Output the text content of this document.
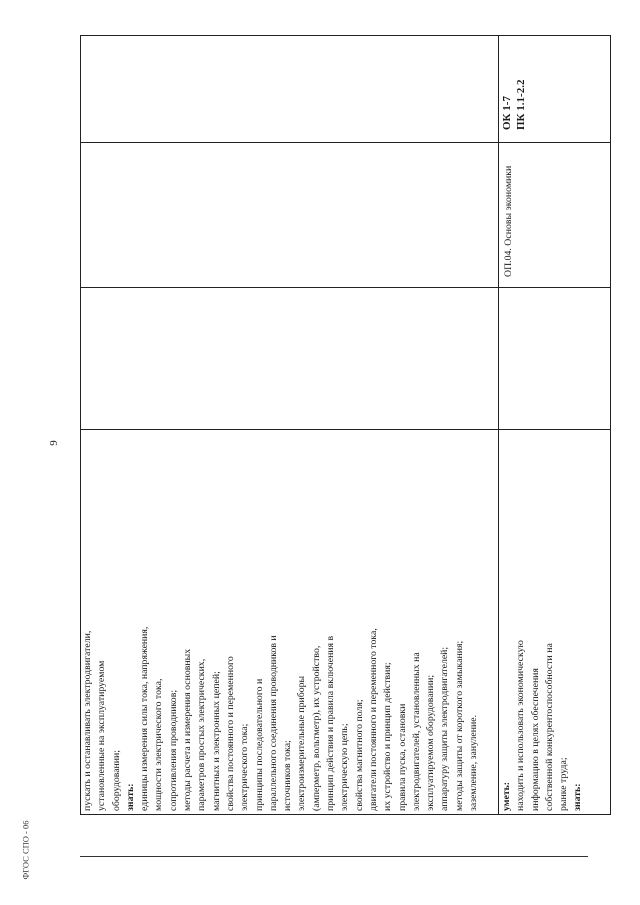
пускать и останавливать электродвигатели, установленные на эксплуатируемом оборудовании; знать: единицы измерения силы тока, напряжения, мощности электрического тока, сопротивления проводников; методы расчета и измерения основных параметров простых электрических, магнитных и электронных цепей; свойства постоянного и переменного электрического тока; принципы последовательного и параллельного соединения проводников и источников тока; электроизмерительные приборы (амперметр, вольтметр), их устройство, принцип действия и правила включения в электрическую цепь; свойства магнитного поля; двигатели постоянного и переменного тока, их устройство и принцип действия; правила пуска, остановки электродвигателей, установленных на эксплуатируемом оборудовании; аппаратуру защиты электродвигателей; методы защиты от короткого замыкания; заземление, зануление. уметь: находить и использовать экономическую информацию в целях обеспечения собственной конкурентоспособности на рынке труда; знать:
ОП.04. Основы экономики
ОК 1-7
ПК 1.1-2.2
9
ФГОС СПО - 06
